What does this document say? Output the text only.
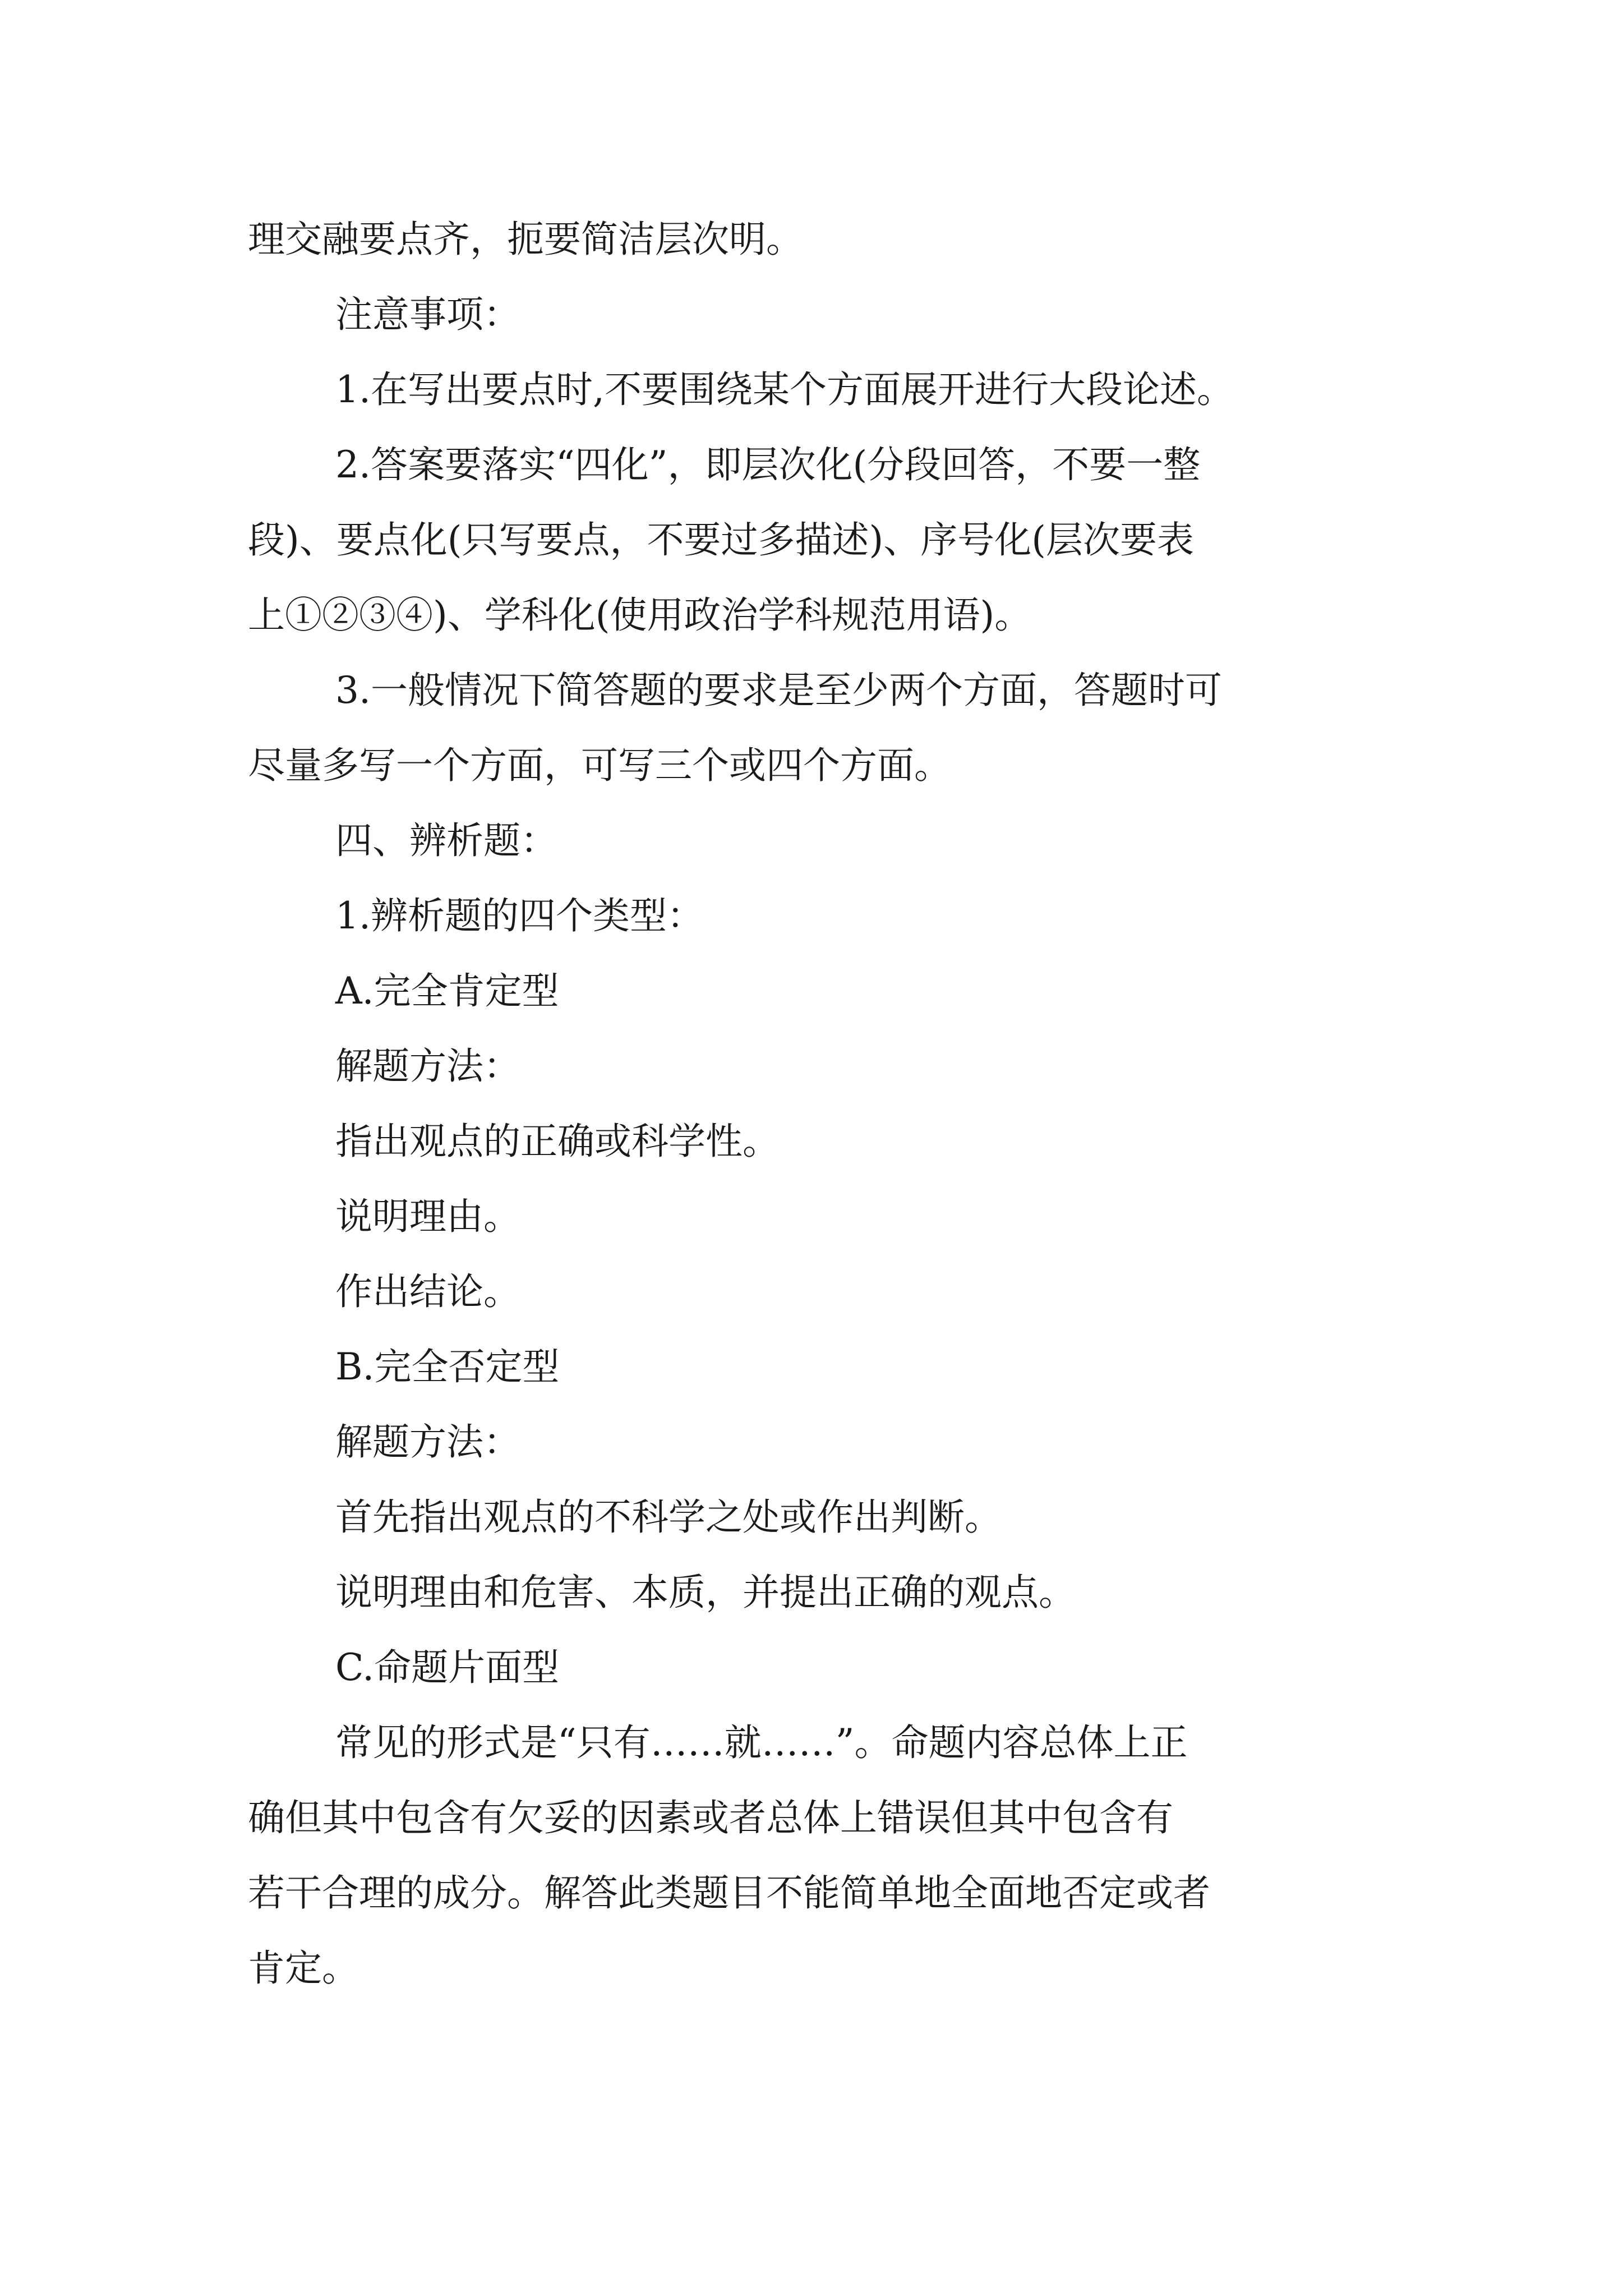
理交融要点齐，扼要简洁层次明。

注意事项：

1.在写出要点时,不要围绕某个方面展开进行大段论述。

2.答案要落实“四化”，即层次化(分段回答，不要一整

段)、要点化(只写要点，不要过多描述)、序号化(层次要表

上①②③④)、学科化(使用政治学科规范用语)。

3.一般情况下简答题的要求是至少两个方面，答题时可

尽量多写一个方面，可写三个或四个方面。

四、辨析题：

1.辨析题的四个类型：

A.完全肯定型

解题方法：

指出观点的正确或科学性。

说明理由。

作出结论。

B.完全否定型

解题方法：

首先指出观点的不科学之处或作出判断。

说明理由和危害、本质，并提出正确的观点。

C.命题片面型

常见的形式是“只有……就……”。命题内容总体上正

确但其中包含有欠妥的因素或者总体上错误但其中包含有

若干合理的成分。解答此类题目不能简单地全面地否定或者

肯定。
